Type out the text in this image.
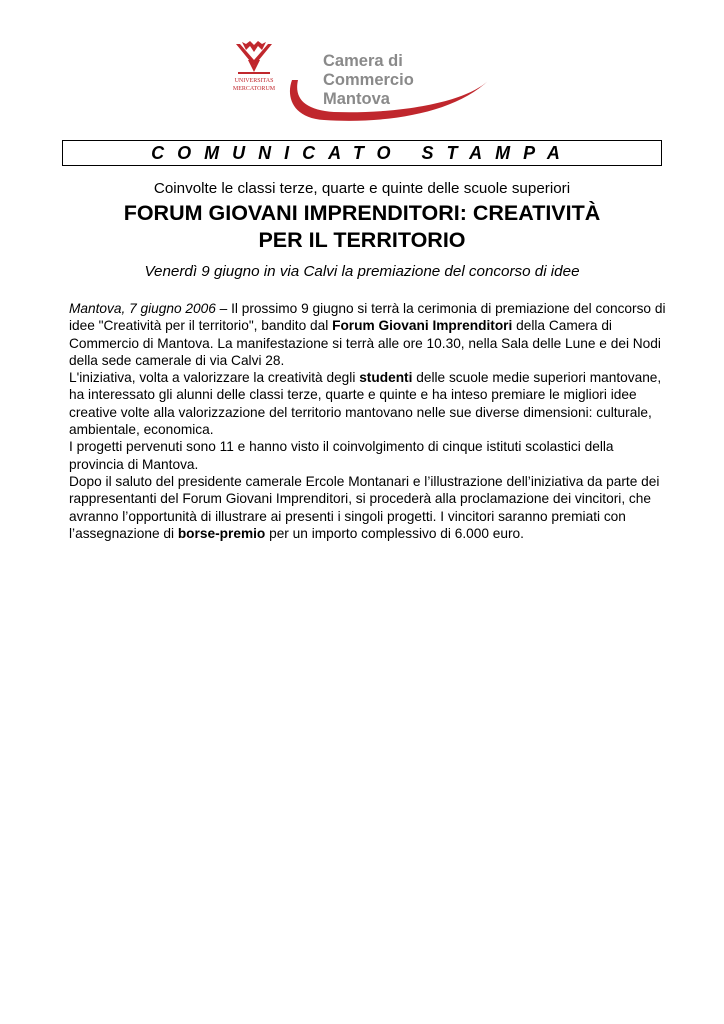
UNIVERSITAS
MERCATORUM
Camera di Commercio
Mantova
COMUNICATO STAMPA
Coinvolte le classi terze, quarte e quinte delle scuole superiori
FORUM GIOVANI IMPRENDITORI: CREATIVITÀ
PER IL TERRITORIO
Venerdì 9 giugno in via Calvi la premiazione del concorso di idee

Mantova, 7 giugno 2006 – Il prossimo 9 giugno si terrà la cerimonia di premiazione del concorso di idee "Creatività per il territorio", bandito dal Forum Giovani Imprenditori della Camera di Commercio di Mantova. La manifestazione si terrà alle ore 10.30, nella Sala delle Lune e dei Nodi della sede camerale di via Calvi 28.

L'iniziativa, volta a valorizzare la creatività degli studenti delle scuole medie superiori mantovane, ha interessato gli alunni delle classi terze, quarte e quinte e ha inteso premiare le migliori idee creative volte alla valorizzazione del territorio mantovano nelle sue diverse dimensioni: culturale, ambientale, economica.

I progetti pervenuti sono 11 e hanno visto il coinvolgimento di cinque istituti scolastici della provincia di Mantova.

Dopo il saluto del presidente camerale Ercole Montanari e l’illustrazione dell’iniziativa da parte dei rappresentanti del Forum Giovani Imprenditori, si procederà alla proclamazione dei vincitori, che avranno l’opportunità di illustrare ai presenti i singoli progetti. I vincitori saranno premiati con l’assegnazione di borse-premio per un importo complessivo di 6.000 euro.
